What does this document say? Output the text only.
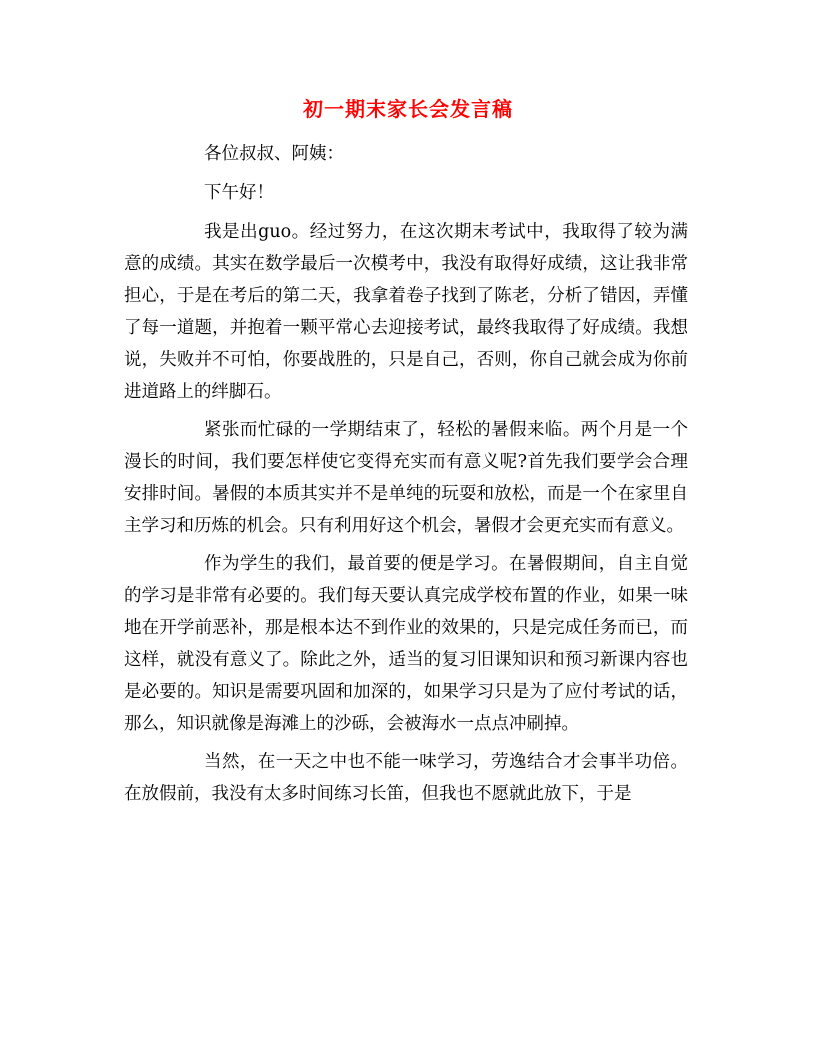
初一期末家长会发言稿

各位叔叔、阿姨：

下午好！

我是出guo。经过努力，在这次期末考试中，我取得了较为满意的成绩。其实在数学最后一次模考中，我没有取得好成绩，这让我非常担心，于是在考后的第二天，我拿着卷子找到了陈老，分析了错因，弄懂了每一道题，并抱着一颗平常心去迎接考试，最终我取得了好成绩。我想说，失败并不可怕，你要战胜的，只是自己，否则，你自己就会成为你前进道路上的绊脚石。

紧张而忙碌的一学期结束了，轻松的暑假来临。两个月是一个漫长的时间，我们要怎样使它变得充实而有意义呢?首先我们要学会合理安排时间。暑假的本质其实并不是单纯的玩耍和放松，而是一个在家里自主学习和历炼的机会。只有利用好这个机会，暑假才会更充实而有意义。

作为学生的我们，最首要的便是学习。在暑假期间，自主自觉的学习是非常有必要的。我们每天要认真完成学校布置的作业，如果一味地在开学前恶补，那是根本达不到作业的效果的，只是完成任务而已，而这样，就没有意义了。除此之外，适当的复习旧课知识和预习新课内容也是必要的。知识是需要巩固和加深的，如果学习只是为了应付考试的话，那么，知识就像是海滩上的沙砾，会被海水一点点冲刷掉。

当然，在一天之中也不能一味学习，劳逸结合才会事半功倍。在放假前，我没有太多时间练习长笛，但我也不愿就此放下，于是
